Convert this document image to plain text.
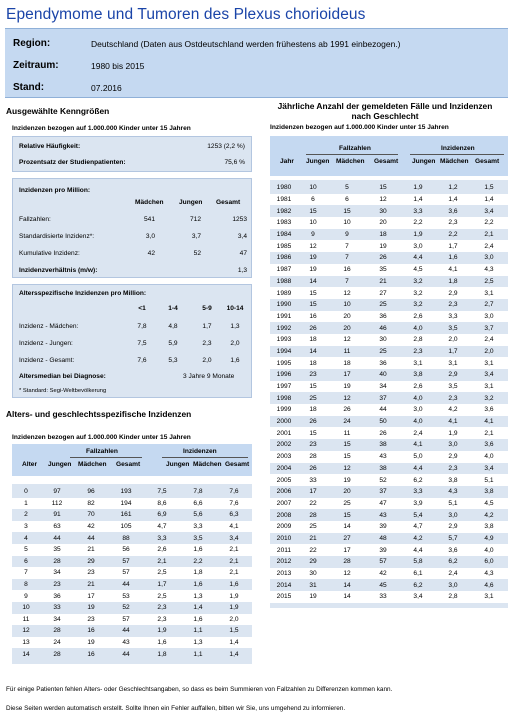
Ependymome und Tumoren des Plexus chorioideus
Region:	Deutschland (Daten aus Ostdeutschland werden frühestens ab 1991 einbezogen.)
Zeitraum:	1980 bis 2015
Stand:	07.2016
Ausgewählte Kenngrößen
Inzidenzen bezogen auf 1.000.000 Kinder unter 15 Jahren
Relative Häufigkeit:	1253 (2,2 %)
Prozentsatz der Studienpatienten:	75,6 %
Inzidenzen pro Million:
Mädchen Jungen Gesamt
Fallzahlen:	541	712	1253
Standardisierte Inzidenz*:	3,0	3,7	3,4
Kumulative Inzidenz:	42	52	47
Inzidenzverhältnis (m/w):	1,3
Altersspezifische Inzidenzen pro Million:
<1	1-4	5-9	10-14
Inzidenz - Mädchen:	7,8	4,8	1,7	1,3
Inzidenz - Jungen:	7,5	5,9	2,3	2,0
Inzidenz - Gesamt:	7,6	5,3	2,0	1,6
Altersmedian bei Diagnose:	3 Jahre 9 Monate
* Standard: Segi-Weltbevölkerung
Alters- und geschlechtsspezifische Inzidenzen
Inzidenzen bezogen auf 1.000.000 Kinder unter 15 Jahren
Fallzahlen	Inzidenzen
Alter Jungen Mädchen Gesamt	Jungen Mädchen Gesamt
0	97	96	193	7,5	7,8	7,6
1	112	82	194	8,6	6,6	7,6
2	91	70	161	6,9	5,6	6,3
3	63	42	105	4,7	3,3	4,1
4	44	44	88	3,3	3,5	3,4
5	35	21	56	2,6	1,6	2,1
6	28	29	57	2,1	2,2	2,1
7	34	23	57	2,5	1,8	2,1
8	23	21	44	1,7	1,6	1,6
9	36	17	53	2,5	1,3	1,9
10	33	19	52	2,3	1,4	1,9
11	34	23	57	2,3	1,6	2,0
12	28	16	44	1,9	1,1	1,5
13	24	19	43	1,6	1,3	1,4
14	28	16	44	1,8	1,1	1,4
Jährliche Anzahl der gemeldeten Fälle und Inzidenzen
nach Geschlecht
Inzidenzen bezogen auf 1.000.000 Kinder unter 15 Jahren
Fallzahlen	Inzidenzen
Jahr Jungen Mädchen Gesamt Jungen Mädchen Gesamt
1980	10	5	15	1,9	1,2	1,5
1981	6	6	12	1,4	1,4	1,4
1982	15	15	30	3,3	3,6	3,4
1983	10	10	20	2,2	2,3	2,2
1984	9	9	18	1,9	2,2	2,1
1985	12	7	19	3,0	1,7	2,4
1986	19	7	26	4,4	1,6	3,0
1987	19	16	35	4,5	4,1	4,3
1988	14	7	21	3,2	1,8	2,5
1989	15	12	27	3,2	2,9	3,1
1990	15	10	25	3,2	2,3	2,7
1991	16	20	36	2,6	3,3	3,0
1992	26	20	46	4,0	3,5	3,7
1993	18	12	30	2,8	2,0	2,4
1994	14	11	25	2,3	1,7	2,0
1995	18	18	36	3,1	3,1	3,1
1996	23	17	40	3,8	2,9	3,4
1997	15	19	34	2,6	3,5	3,1
1998	25	12	37	4,0	2,3	3,2
1999	18	26	44	3,0	4,2	3,6
2000	26	24	50	4,0	4,1	4,1
2001	15	11	26	2,4	1,9	2,1
2002	23	15	38	4,1	3,0	3,6
2003	28	15	43	5,0	2,9	4,0
2004	26	12	38	4,4	2,3	3,4
2005	33	19	52	6,2	3,8	5,1
2006	17	20	37	3,3	4,3	3,8
2007	22	25	47	3,9	5,1	4,5
2008	28	15	43	5,4	3,0	4,2
2009	25	14	39	4,7	2,9	3,8
2010	21	27	48	4,2	5,7	4,9
2011	22	17	39	4,4	3,6	4,0
2012	29	28	57	5,8	6,2	6,0
2013	30	12	42	6,1	2,4	4,3
2014	31	14	45	6,2	3,0	4,6
2015	19	14	33	3,4	2,8	3,1
Für einige Patienten fehlen Alters- oder Geschlechtsangaben, so dass es beim Summieren von Fallzahlen zu Differenzen kommen kann.
Diese Seiten werden automatisch erstellt. Sollte Ihnen ein Fehler auffallen, bitten wir Sie, uns umgehend zu informieren.
